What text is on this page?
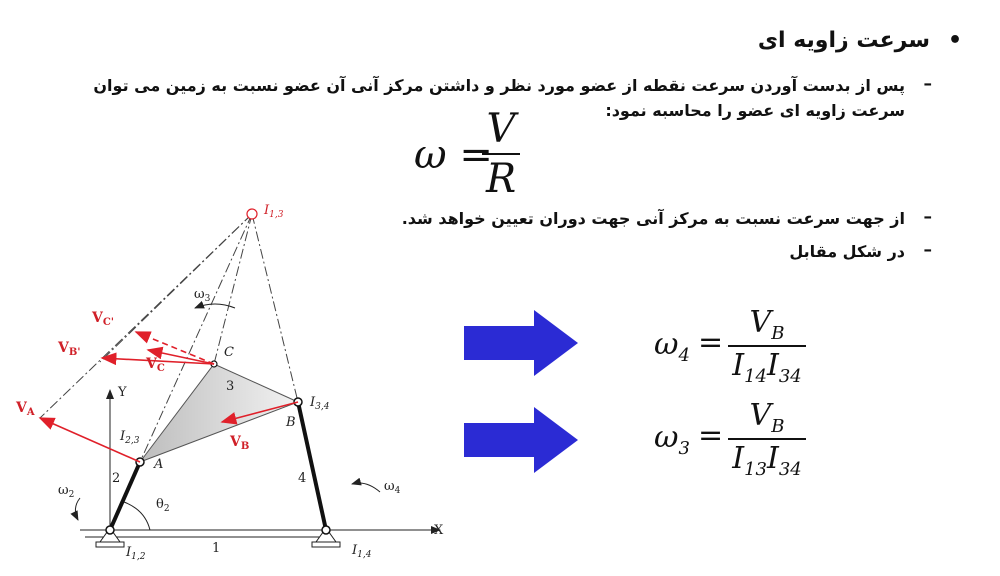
•
سرعت زاویه ای
–
پس از بدست آوردن سرعت نقطه از عضو مورد نظر و داشتن مرکز آنی آن عضو نسبت به زمین می توان
سرعت زاویه ای عضو را محاسبه نمود:
ω =
V
R
–
از جهت سرعت نسبت به مرکز آنی جهت دوران تعیین خواهد شد.
–
در شکل مقابل
$\omega_4$ =
$V_B$
$I_{14}I_{34}$
$\omega_3$ =
$V_B$
$I_{13}I_{34}$
$I_{1,3}$
$I_{1,2}$	$I_{1,4}$
$I_{2,3}$
$I_{3,4}$
$\omega_3$
$\omega_2$
$\omega_4$
$\theta_2$
C
A
B
X
Y
2
1
3
4
$V_{C'}$
$V_{B'}$
$V_A$
$V_C$
$V_B$
